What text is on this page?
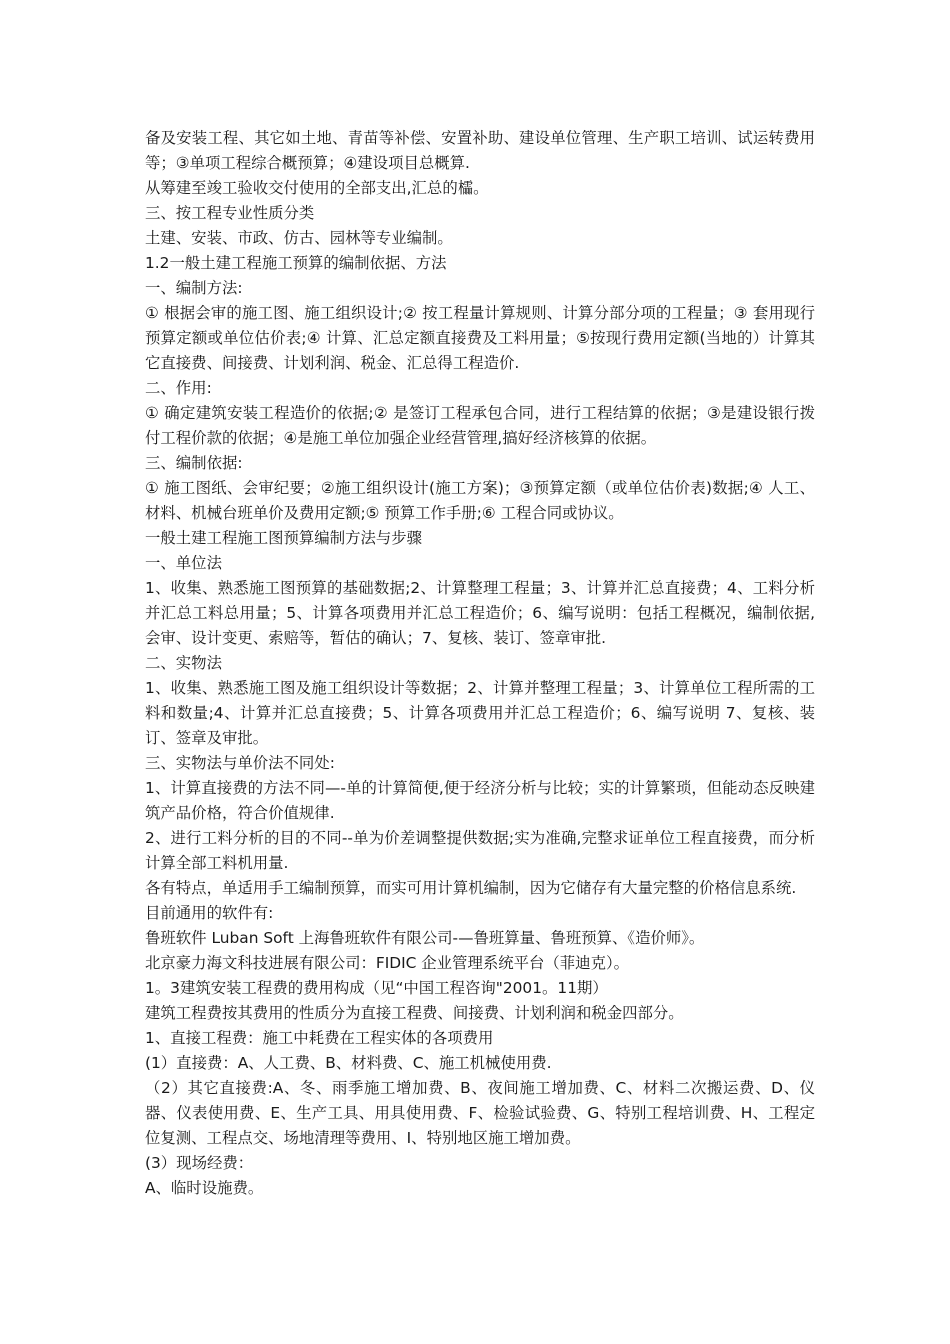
备及安装工程、其它如土地、青苗等补偿、安置补助、建设单位管理、生产职工培训、试运转费用等；③单项工程综合概预算；④建设项目总概算.

从筹建至竣工验收交付使用的全部支出,汇总的櫺。

三、按工程专业性质分类

土建、安装、市政、仿古、园林等专业编制。

1.2一般土建工程施工预算的编制依据、方法

一、编制方法:

① 根据会审的施工图、施工组织设计;② 按工程量计算规则、计算分部分项的工程量；③ 套用现行预算定额或单位估价表;④ 计算、汇总定额直接费及工料用量；⑤按现行费用定额(当地的）计算其它直接费、间接费、计划利润、税金、汇总得工程造价.

二、作用:

① 确定建筑安装工程造价的依据;② 是签订工程承包合同，进行工程结算的依据；③是建设银行拨付工程价款的依据；④是施工单位加强企业经营管理,搞好经济核算的依据。

三、编制依据:

① 施工图纸、会审纪要；②施工组织设计(施工方案)；③预算定额（或单位估价表)数据;④ 人工、材料、机械台班单价及费用定额;⑤ 预算工作手册;⑥ 工程合同或协议。

一般土建工程施工图预算编制方法与步骤

一、单位法

1、收集、熟悉施工图预算的基础数据;2、计算整理工程量；3、计算并汇总直接费；4、工料分析并汇总工料总用量；5、计算各项费用并汇总工程造价；6、编写说明：包括工程概况，编制依据,会审、设计变更、索赔等，暂估的确认；7、复核、装订、签章审批.

二、实物法

1、收集、熟悉施工图及施工组织设计等数据；2、计算并整理工程量；3、计算单位工程所需的工料和数量;4、计算并汇总直接费；5、计算各项费用并汇总工程造价；6、编写说明 7、复核、装订、签章及审批。

三、实物法与单价法不同处:

1、计算直接费的方法不同—-单的计算简便,便于经济分析与比较；实的计算繁琐，但能动态反映建筑产品价格，符合价值规律.

2、进行工料分析的目的不同--单为价差调整提供数据;实为准确,完整求证单位工程直接费，而分析计算全部工料机用量.

各有特点，单适用手工编制预算，而实可用计算机编制，因为它储存有大量完整的价格信息系统.

目前通用的软件有:

鲁班软件 Luban Soft 上海鲁班软件有限公司-—鲁班算量、鲁班预算、《造价师》。

北京豪力海文科技进展有限公司：FIDIC 企业管理系统平台（菲迪克）。

1。3建筑安装工程费的费用构成（见“中国工程咨询"2001。11期）

建筑工程费按其费用的性质分为直接工程费、间接费、计划利润和税金四部分。

1、直接工程费：施工中耗费在工程实体的各项费用

(1）直接费：A、人工费、B、材料费、C、施工机械使用费.

（2）其它直接费:A、冬、雨季施工增加费、B、夜间施工增加费、C、材料二次搬运费、D、仪器、仪表使用费、E、生产工具、用具使用费、F、检验试验费、G、特别工程培训费、H、工程定位复测、工程点交、场地清理等费用、I、特别地区施工增加费。

(3）现场经费：

A、临时设施费。
